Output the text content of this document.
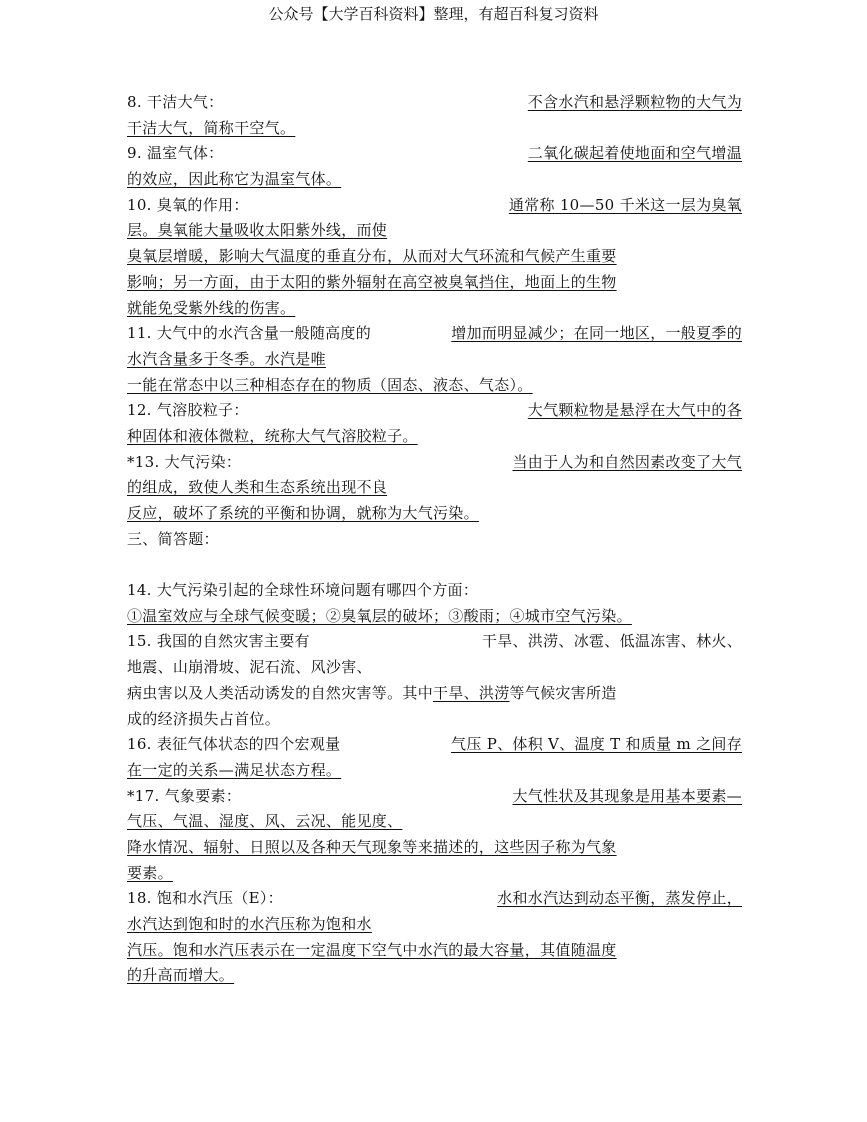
公众号【大学百科资料】整理，有超百科复习资料
8. 干洁大气：	不含水汽和悬浮颗粒物的大气为
干洁大气，简称干空气。
9. 温室气体：	二氧化碳起着使地面和空气增温
的效应，因此称它为温室气体。
10. 臭氧的作用：	通常称 10—50 千米这一层为臭氧
层。臭氧能大量吸收太阳紫外线，而使
臭氧层增暖，影响大气温度的垂直分布，从而对大气环流和气候产生重要
影响；另一方面，由于太阳的紫外辐射在高空被臭氧挡住，地面上的生物
就能免受紫外线的伤害。
11. 大气中的水汽含量一般随高度的	增加而明显减少；在同一地区，一般夏季的
水汽含量多于冬季。水汽是唯
一能在常态中以三种相态存在的物质（固态、液态、气态）。
12. 气溶胶粒子：	大气颗粒物是悬浮在大气中的各
种固体和液体微粒，统称大气气溶胶粒子。
*13. 大气污染：	当由于人为和自然因素改变了大气
的组成，致使人类和生态系统出现不良
反应，破坏了系统的平衡和协调，就称为大气污染。
三、简答题：
14. 大气污染引起的全球性环境问题有哪四个方面：
①温室效应与全球气候变暖；②臭氧层的破坏；③酸雨；④城市空气污染。
15. 我国的自然灾害主要有	干旱、洪涝、冰雹、低温冻害、林火、
地震、山崩滑坡、泥石流、风沙害、
病虫害以及人类活动诱发的自然灾害等。其中干旱、洪涝等气候灾害所造
成的经济损失占首位。
16. 表征气体状态的四个宏观量	气压 P、体积 V、温度 T 和质量 m 之间存
在一定的关系—满足状态方程。
*17. 气象要素：	大气性状及其现象是用基本要素—
气压、气温、湿度、风、云况、能见度、
降水情况、辐射、日照以及各种天气现象等来描述的，这些因子称为气象
要素。
18. 饱和水汽压（E）：	水和水汽达到动态平衡，蒸发停止，
水汽达到饱和时的水汽压称为饱和水
汽压。饱和水汽压表示在一定温度下空气中水汽的最大容量，其值随温度
的升高而增大。
